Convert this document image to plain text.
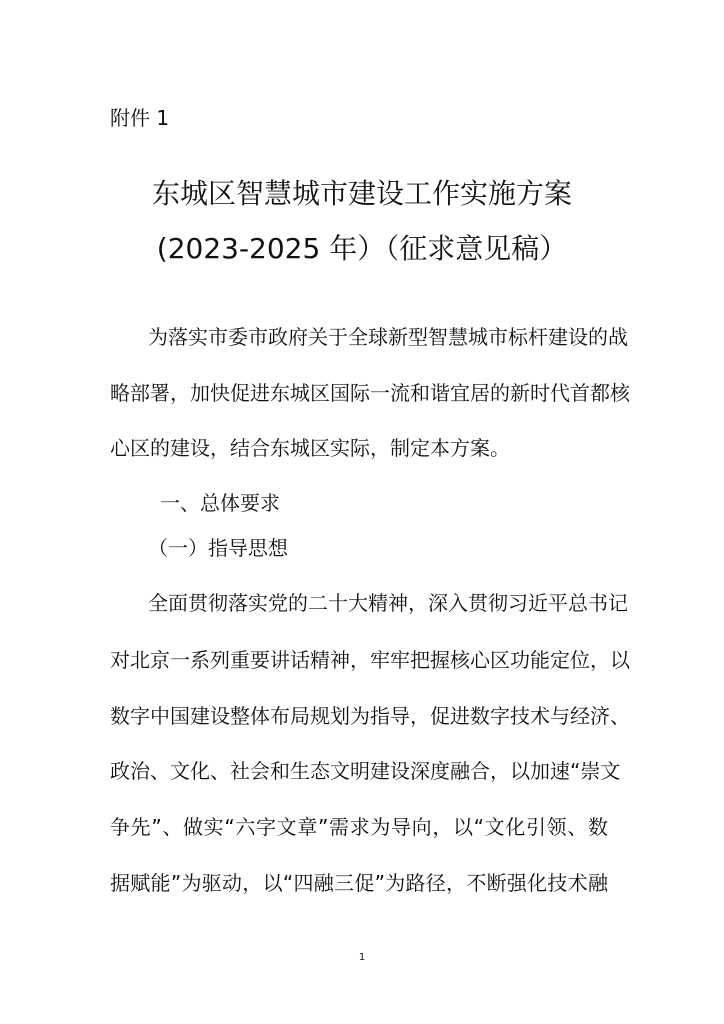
附件 1
东城区智慧城市建设工作实施方案
(2023-2025 年）（征求意见稿）
为落实市委市政府关于全球新型智慧城市标杆建设的战
略部署，加快促进东城区国际一流和谐宜居的新时代首都核
心区的建设，结合东城区实际，制定本方案。
一、总体要求
（一）指导思想
全面贯彻落实党的二十大精神，深入贯彻习近平总书记
对北京一系列重要讲话精神，牢牢把握核心区功能定位，以
数字中国建设整体布局规划为指导，促进数字技术与经济、
政治、文化、社会和生态文明建设深度融合，以加速“崇文
争先”、做实“六字文章”需求为导向，以“文化引领、数
据赋能”为驱动，以“四融三促”为路径，不断强化技术融
1
